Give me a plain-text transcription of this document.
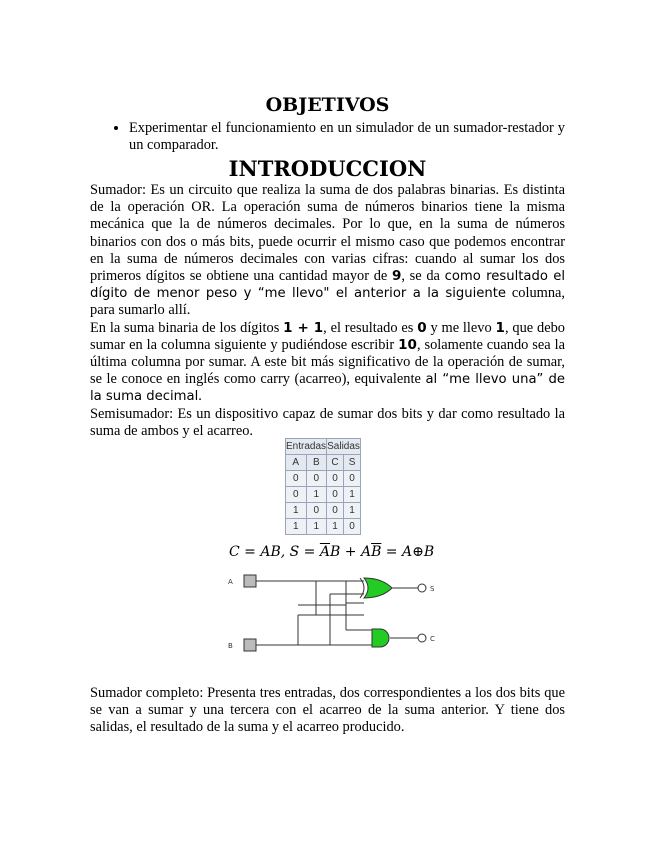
OBJETIVOS
• Experimentar el funcionamiento en un simulador de un sumador-restador y un comparador.
INTRODUCCION

Sumador: Es un circuito que realiza la suma de dos palabras binarias. Es distinta de la operación OR. La operación suma de números binarios tiene la misma mecánica que la de números decimales. Por lo que, en la suma de números binarios con dos o más bits, puede ocurrir el mismo caso que podemos encontrar en la suma de números decimales con varias cifras: cuando al sumar los dos primeros dígitos se obtiene una cantidad mayor de 9, se da como resultado el dígito de menor peso y “me llevo" el anterior a la siguiente columna, para sumarlo allí.

En la suma binaria de los dígitos 1 + 1, el resultado es 0 y me llevo 1, que debo sumar en la columna siguiente y pudiéndose escribir 10, solamente cuando sea la última columna por sumar. A este bit más significativo de la operación de sumar, se le conoce en inglés como carry (acarreo), equivalente al “me llevo una” de la suma decimal.

Semisumador: Es un dispositivo capaz de sumar dos bits y dar como resultado la suma de ambos y el acarreo.

Entradas		Salidas	
A	B	C	S
0	0	0	0
0	1	0	1
1	0	0	1
1	1	1	0
C = AB, $S = \overline{A}B + A\overline{B}$ = A⊕B
A
B
S
C

Sumador completo: Presenta tres entradas, dos correspondientes a los dos bits que se van a sumar y una tercera con el acarreo de la suma anterior. Y tiene dos salidas, el resultado de la suma y el acarreo producido.
